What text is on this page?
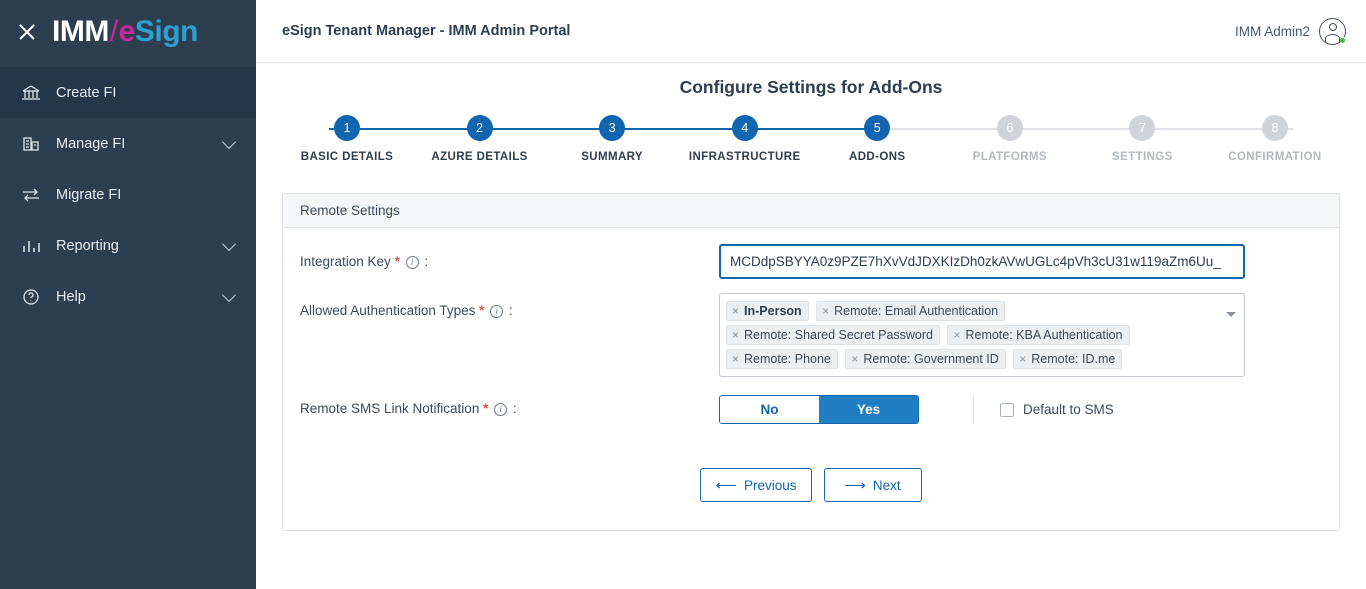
IMM / e Sign
Create FI
Manage FI
Migrate FI
Reporting
Help
eSign Tenant Manager - IMM Admin Portal	IMM Admin2
Configure Settings for Add-Ons
1
BASIC DETAILS
2
AZURE DETAILS
3
SUMMARY
4
INFRASTRUCTURE
5
ADD-ONS
6
PLATFORMS
7
SETTINGS
8
CONFIRMATION
Remote Settings
Integration Key * i :
MCDdpSBYYA0z9PZE7hXvVdJDXKIzDh0zkAVwUGLc4pVh3cU31w119aZm6Uu_
Allowed Authentication Types * i :	× In-Person
	× Remote: Email Authentication

× Remote: Shared Secret Password
	× Remote: KBA Authentication

× Remote: Phone
	× Remote: Government ID
	× Remote: ID.me
Remote SMS Link Notification * i :	No	Yes	Default to SMS
⟵ Previous	⟶ Next
